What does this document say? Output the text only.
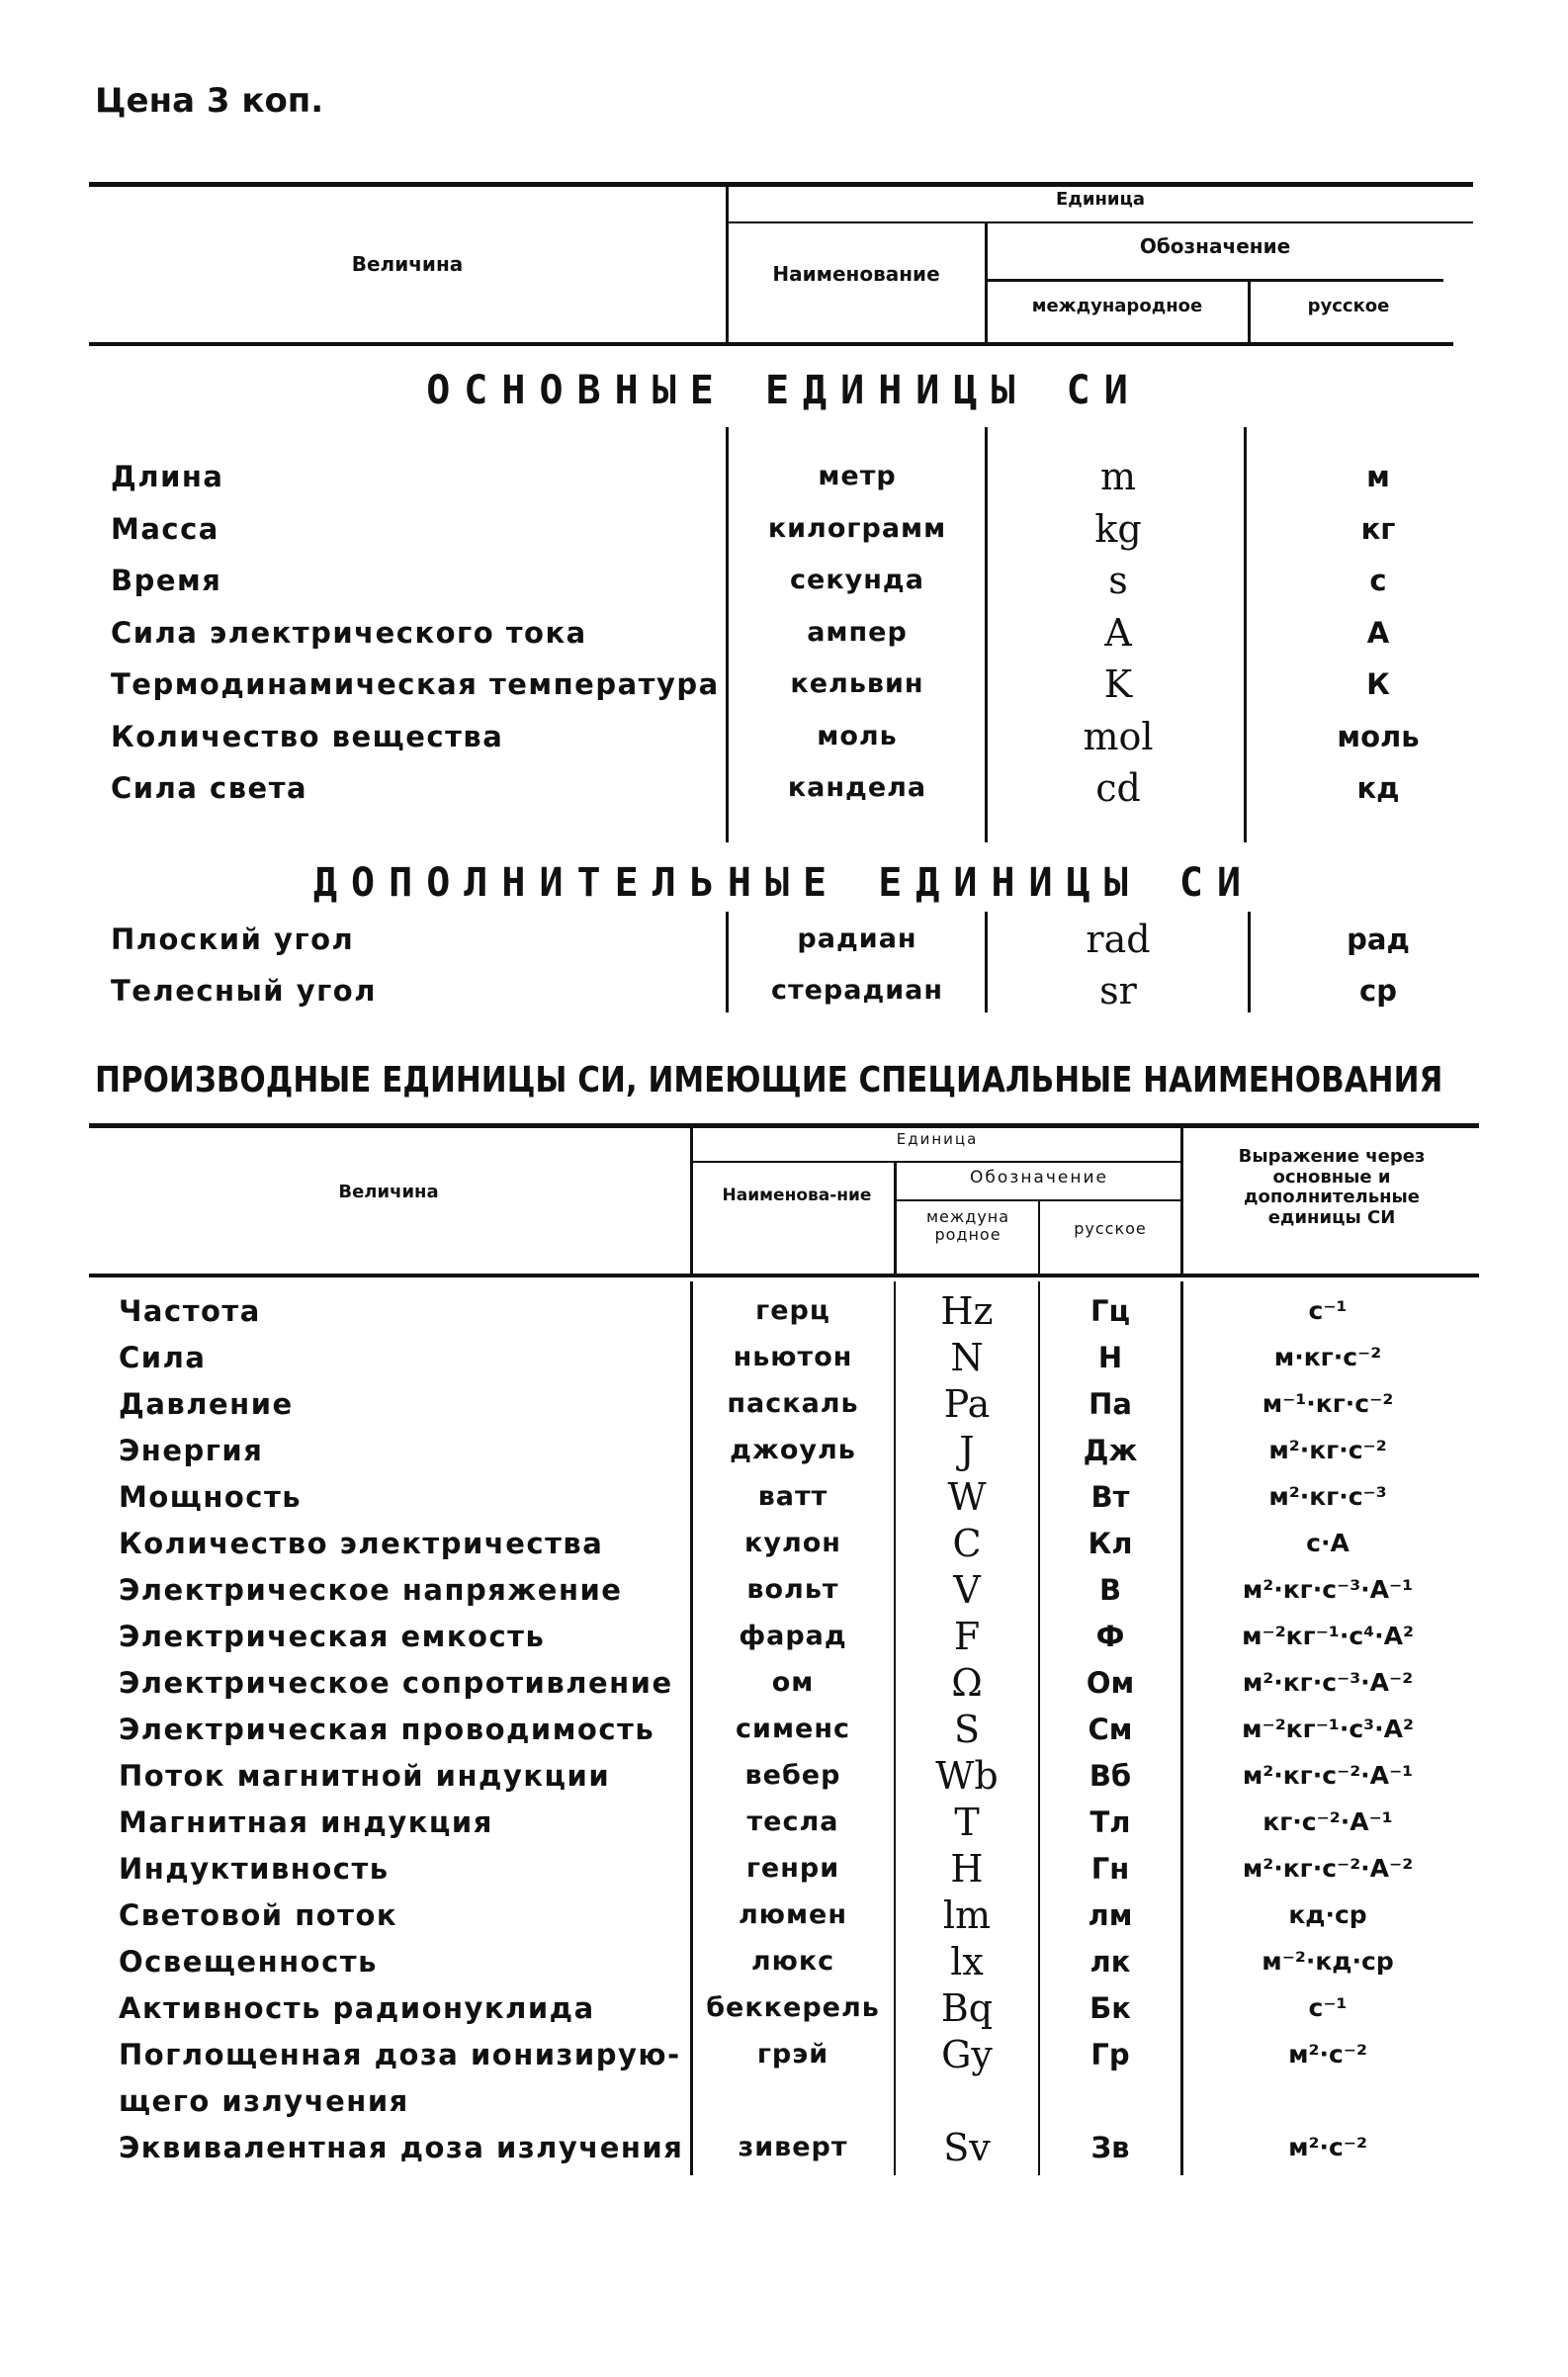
Цена 3 коп.
Величина
Единица
Наименование
Обозначение
международное	русское
ОСНОВНЫЕ ЕДИНИЦЫ СИ
Длина	метр	m	м
Масса	килограмм	kg	кг
Время	секунда	s	с
Сила электрического тока	ампер	A	А
Термодинамическая температура	кельвин	K	К
Количество вещества	моль	mol	моль
Сила света	кандела	cd	кд
ДОПОЛНИТЕЛЬНЫЕ ЕДИНИЦЫ СИ
Плоский угол	радиан	rad	рад
Телесный угол	стерадиан	sr	ср
ПРОИЗВОДНЫЕ ЕДИНИЦЫ СИ, ИМЕЮЩИЕ СПЕЦИАЛЬНЫЕ НАИМЕНОВАНИЯ
Величина
Единица
Наименова-ние
Обозначение
междуна родное	русское
Выражение через основные и дополнительные единицы СИ
Частота	герц	Hz	Гц	с⁻¹
Сила	ньютон	N	Н	м·кг·с⁻²
Давление	паскаль	Pa	Па	м⁻¹·кг·с⁻²
Энергия	джоуль	J	Дж	м²·кг·с⁻²
Мощность	ватт	W	Вт	м²·кг·с⁻³
Количество электричества	кулон	C	Кл	с·А
Электрическое напряжение	вольт	V	В	м²·кг·с⁻³·А⁻¹
Электрическая емкость	фарад	F	Ф	м⁻²кг⁻¹·с⁴·А²
Электрическое сопротивление	ом	Ω	Ом	м²·кг·с⁻³·А⁻²
Электрическая проводимость	сименс	S	См	м⁻²кг⁻¹·с³·А²
Поток магнитной индукции	вебер	Wb	Вб	м²·кг·с⁻²·А⁻¹
Магнитная индукция	тесла	T	Тл	кг·с⁻²·А⁻¹
Индуктивность	генри	H	Гн	м²·кг·с⁻²·А⁻²
Световой поток	люмен	lm	лм	кд·ср
Освещенность	люкс	lx	лк	м⁻²·кд·ср
Активность радионуклида	беккерель	Bq	Бк	с⁻¹
Поглощенная доза ионизирую-	грэй	Gy	Гр	м²·с⁻²
щего излучения
Эквивалентная доза излучения	зиверт	Sv	Зв	м²·с⁻²
